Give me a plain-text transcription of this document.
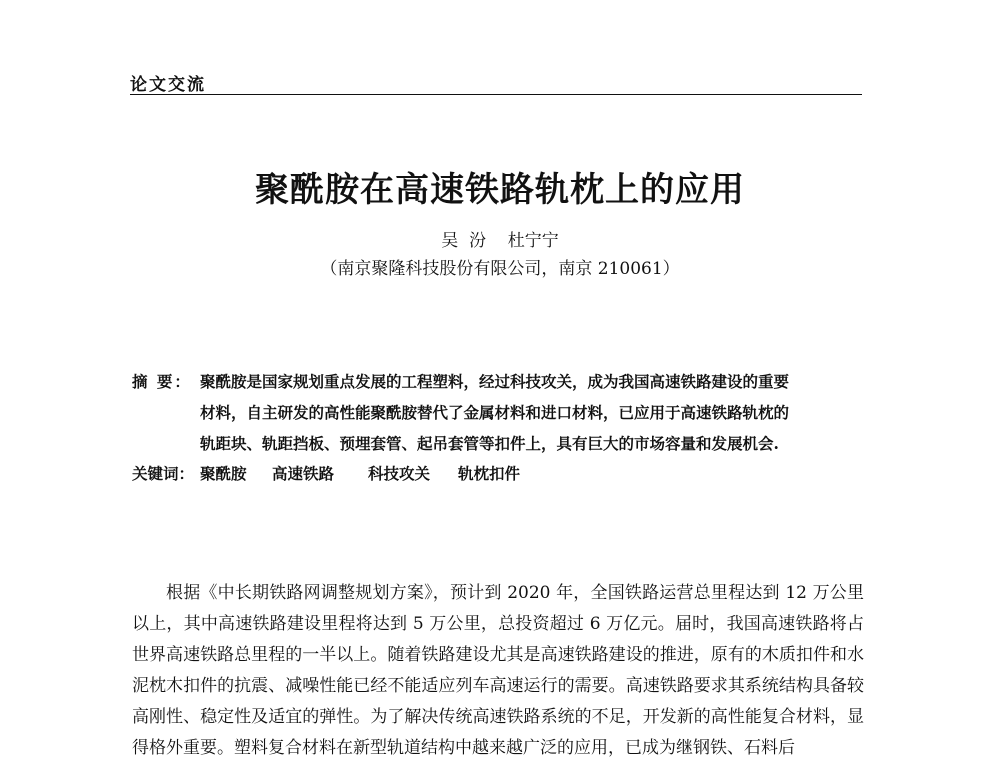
论文交流
聚酰胺在高速铁路轨枕上的应用
吴  汾    杜宁宁
（南京聚隆科技股份有限公司，南京 210061）
摘 要： 聚酰胺是国家规划重点发展的工程塑料，经过科技攻关，成为我国高速铁路建设的重要
材料，自主研发的高性能聚酰胺替代了金属材料和进口材料，已应用于高速铁路轨枕的
轨距块、轨距挡板、预埋套管、起吊套管等扣件上，具有巨大的市场容量和发展机会.
关键词： 聚酰胺 高速铁路 科技攻关 轨枕扣件

根据《中长期铁路网调整规划方案》，预计到 2020 年，全国铁路运营总里程达到 12 万公里以上，其中高速铁路建设里程将达到 5 万公里，总投资超过 6 万亿元。届时，我国高速铁路将占世界高速铁路总里程的一半以上。随着铁路建设尤其是高速铁路建设的推进，原有的木质扣件和水泥枕木扣件的抗震、减噪性能已经不能适应列车高速运行的需要。高速铁路要求其系统结构具备较高刚性、稳定性及适宜的弹性。为了解决传统高速铁路系统的不足，开发新的高性能复合材料，显得格外重要。塑料复合材料在新型轨道结构中越来越广泛的应用，已成为继钢铁、石料后
